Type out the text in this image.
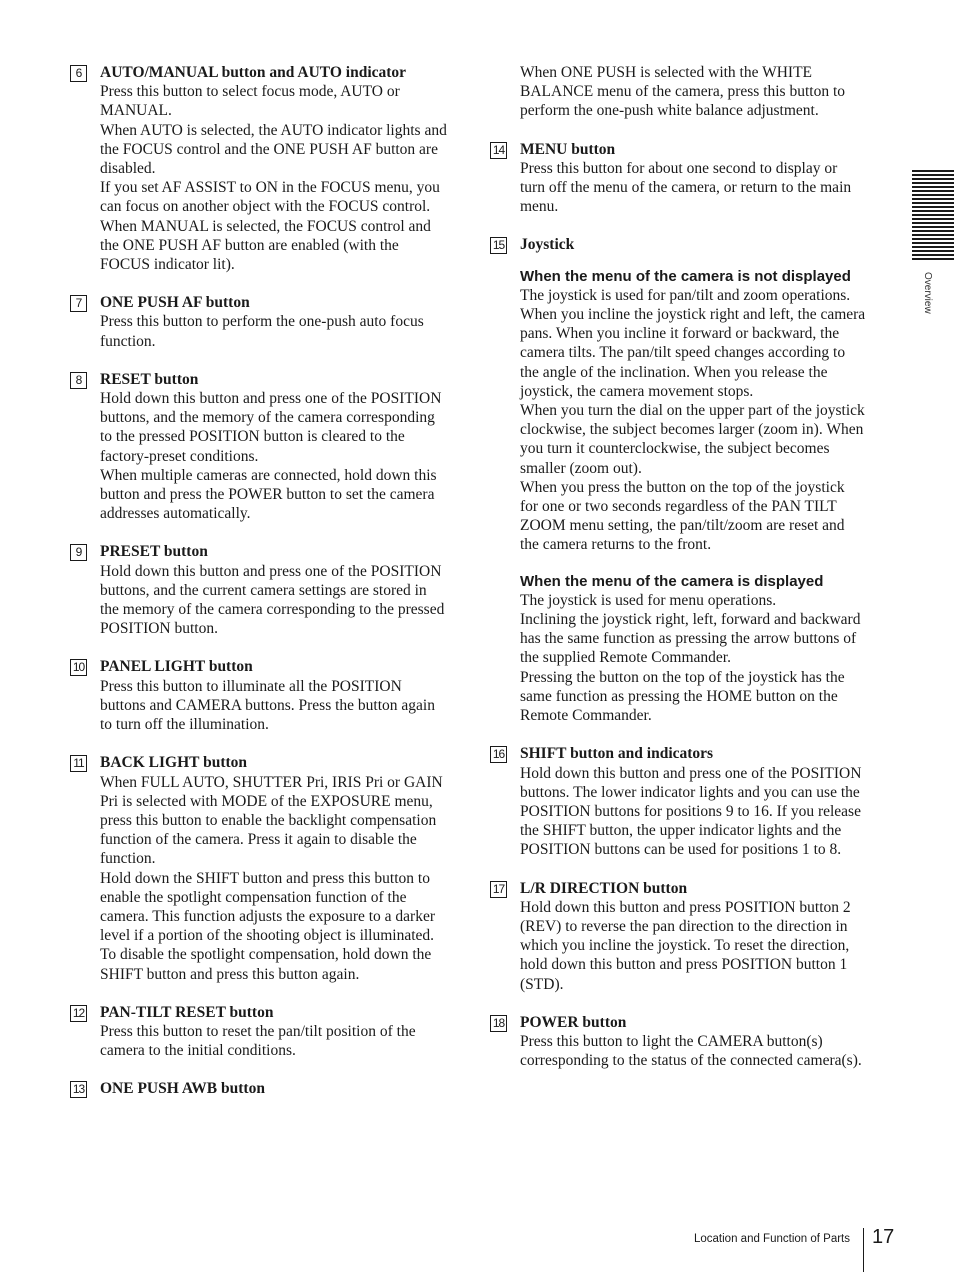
6	AUTO/MANUAL button and AUTO indicator

Press this button to select focus mode, AUTO or MANUAL.

When AUTO is selected, the AUTO indicator lights and the FOCUS control and the ONE PUSH AF button are disabled.

If you set AF ASSIST to ON in the FOCUS menu, you can focus on another object with the FOCUS control.

When MANUAL is selected, the FOCUS control and the ONE PUSH AF button are enabled (with the FOCUS indicator lit).

7	ONE PUSH AF button

Press this button to perform the one-push auto focus function.

8	RESET button

Hold down this button and press one of the POSITION buttons, and the memory of the camera corresponding to the pressed POSITION button is cleared to the factory-preset conditions.

When multiple cameras are connected, hold down this button and press the POWER button to set the camera addresses automatically.

9	PRESET button

Hold down this button and press one of the POSITION buttons, and the current camera settings are stored in the memory of the camera corresponding to the pressed POSITION button.

10 PANEL LIGHT button

Press this button to illuminate all the POSITION buttons and CAMERA buttons. Press the button again to turn off the illumination.

11 BACK LIGHT button

When FULL AUTO, SHUTTER Pri, IRIS Pri or GAIN Pri is selected with MODE of the EXPOSURE menu, press this button to enable the backlight compensation function of the camera. Press it again to disable the function.

Hold down the SHIFT button and press this button to enable the spotlight compensation function of the camera. This function adjusts the exposure to a darker level if a portion of the shooting object is illuminated.

To disable the spotlight compensation, hold down the SHIFT button and press this button again.

12 PAN-TILT RESET button

Press this button to reset the pan/tilt position of the camera to the initial conditions.

13 ONE PUSH AWB button
When ONE PUSH is selected with the WHITE BALANCE menu of the camera, press this button to perform the one-push white balance adjustment.
14 MENU button

Press this button for about one second to display or turn off the menu of the camera, or return to the main menu.

15 Joystick
When the menu of the camera is not displayed

The joystick is used for pan/tilt and zoom operations.

When you incline the joystick right and left, the camera pans. When you incline it forward or backward, the camera tilts. The pan/tilt speed changes according to the angle of the inclination. When you release the joystick, the camera movement stops.

When you turn the dial on the upper part of the joystick clockwise, the subject becomes larger (zoom in). When you turn it counterclockwise, the subject becomes smaller (zoom out).

When you press the button on the top of the joystick for one or two seconds regardless of the PAN TILT ZOOM menu setting, the pan/tilt/zoom are reset and the camera returns to the front.

When the menu of the camera is displayed

The joystick is used for menu operations.

Inclining the joystick right, left, forward and backward has the same function as pressing the arrow buttons of the supplied Remote Commander.

Pressing the button on the top of the joystick has the same function as pressing the HOME button on the Remote Commander.

16 SHIFT button and indicators

Hold down this button and press one of the POSITION buttons. The lower indicator lights and you can use the POSITION buttons for positions 9 to 16. If you release the SHIFT button, the upper indicator lights and the POSITION buttons can be used for positions 1 to 8.

17 L/R DIRECTION button

Hold down this button and press POSITION button 2 (REV) to reverse the pan direction to the direction in which you incline the joystick. To reset the direction, hold down this button and press POSITION button 1 (STD).

18 POWER button

Press this button to light the CAMERA button(s) corresponding to the status of the connected camera(s).

Overview
Location and Function of Parts 17
